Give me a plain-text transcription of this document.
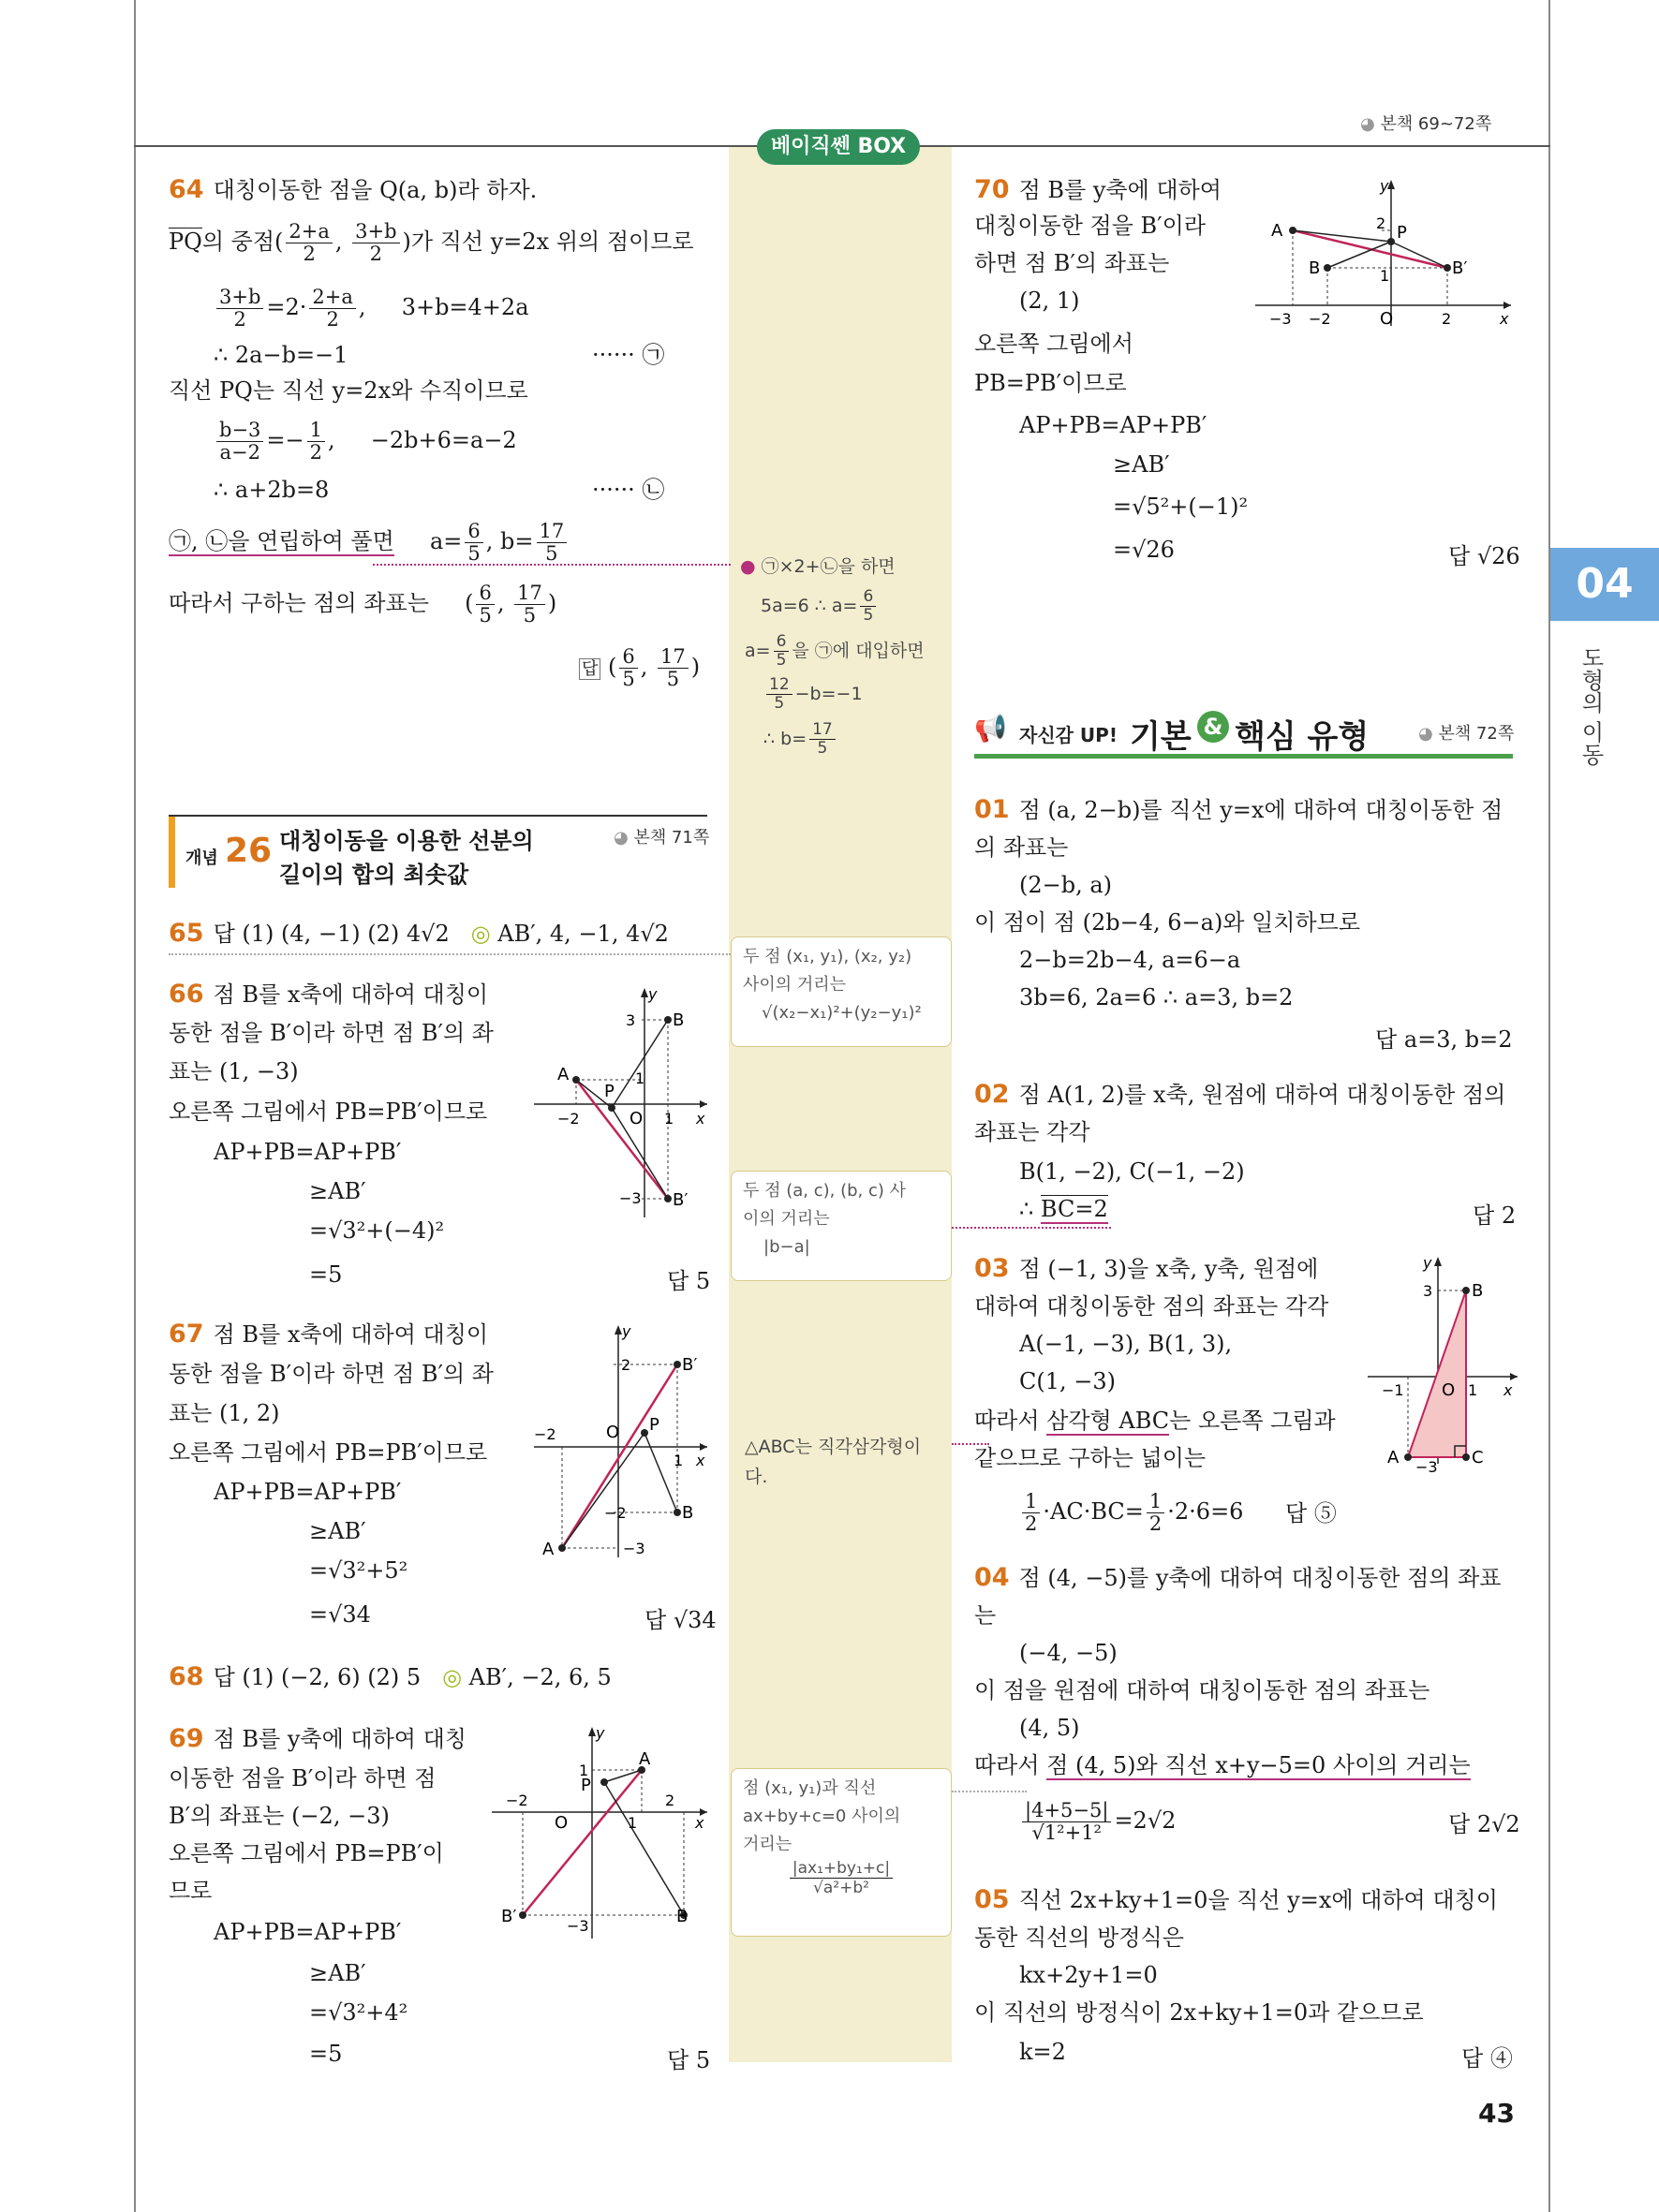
◕ 본책 69~72쪽
베이직쎈 BOX
04
도형의 이동
43
64 대칭이동한 점을 Q(a, b)라 하자.
PQ의 중점( $\frac{2+a}{2}$ , $\frac{3+b}{2}$ )가 직선 y=2x 위의 점이므로
$\frac{3+b}{2} =2\cdot \frac{2+a}{2}$ ,     3+b=4+2a
∴ 2a−b=−1	······ ㉠
직선 PQ는 직선 y=2x와 수직이므로
$\frac{b-3}{a-2} =- \frac{1}{2}$ ,     −2b+6=a−2
∴ a+2b=8	······ ㉡
㉠, ㉡을 연립하여 풀면 $a= \frac{6}{5}$ , $b= \frac{17}{5}$
따라서 구하는 점의 좌표는     ( $\frac{6}{5}$ , $\frac{17}{5}$ )
답 ( $\frac{6}{5}$ , $\frac{17}{5}$ )
● ㉠×2+㉡을 하면
5a=6 ∴ $a= \frac{6}{5}$
$a= \frac{6}{5}$ 을 ㉠에 대입하면
$\frac{12}{5} -b=-1$
∴ $b= \frac{17}{5}$
개념 26 대칭이동을 이용한 선분의
길이의 합의 최솟값
◕ 본책 71쪽
65 답 (1) (4, −1) (2) 4√2 ◎ AB′, 4, −1, 4√2
두 점 (x₁, y₁), (x₂, y₂)
사이의 거리는
√(x₂−x₁)²+(y₂−y₁)²
66 점 B를 x축에 대하여 대칭이
동한 점을 B′이라 하면 점 B′의 좌
표는 (1, −3)
오른쪽 그림에서 PB=PB′이므로
AP+PB=AP+PB′
≥AB′
=√3²+(−4)²
=5	답 5
B
B′
A
P
O
y
x
3
1
−2
−3
1
두 점 (a, c), (b, c) 사
이의 거리는
|b−a|
67 점 B를 x축에 대하여 대칭이
동한 점을 B′이라 하면 점 B′의 좌
표는 (1, 2)
오른쪽 그림에서 PB=PB′이므로
AP+PB=AP+PB′
≥AB′
=√3²+5²
=√34	답 √34
B′
B
A
P
O
y
x
2
−2
−3
−2
1
△ABC는 직각삼각형이
다.
68 답 (1) (−2, 6) (2) 5 ◎ AB′, −2, 6, 5
69 점 B를 y축에 대하여 대칭
이동한 점을 B′이라 하면 점
B′의 좌표는 (−2, −3)
오른쪽 그림에서 PB=PB′이
므로
AP+PB=AP+PB′
≥AB′
=√3²+4²
=5	답 5
A
B
B′
P
O
y
x
1
−3
−2
1
2
점 (x₁, y₁)과 직선
ax+by+c=0 사이의
거리는
$\frac{\text{|ax₁+by₁+c|}}{\text{√a²+b²}}$
70 점 B를 y축에 대하여
대칭이동한 점을 B′이라
하면 점 B′의 좌표는
(2, 1)
오른쪽 그림에서
PB=PB′이므로
AP+PB=AP+PB′
≥AB′
=√5²+(−1)²
=√26	답 √26
A
B	B′
P
O
y
x
2
1
−3 −2	2
📢 자신감 UP! 기본 & 핵심 유형	◕ 본책 72쪽
01 점 (a, 2−b)를 직선 y=x에 대하여 대칭이동한 점
의 좌표는
(2−b, a)
이 점이 점 (2b−4, 6−a)와 일치하므로
2−b=2b−4, a=6−a
3b=6, 2a=6 ∴ a=3, b=2
답 a=3, b=2
02 점 A(1, 2)를 x축, 원점에 대하여 대칭이동한 점의
좌표는 각각
B(1, −2), C(−1, −2)
∴ BC=2	답 2
03 점 (−1, 3)을 x축, y축, 원점에
대하여 대칭이동한 점의 좌표는 각각
A(−1, −3), B(1, 3),
C(1, −3)
따라서 삼각형 ABC는 오른쪽 그림과
같으므로 구하는 넓이는
$\frac{1}{2} \cdot AC\cdot BC= \frac{1}{2} \cdot 2\cdot 6=6$ 답 ⑤
B
A	C
O
y
x
3
−3
−1	1
04 점 (4, −5)를 y축에 대하여 대칭이동한 점의 좌표
는
(−4, −5)
이 점을 원점에 대하여 대칭이동한 점의 좌표는
(4, 5)
따라서 점 (4, 5)와 직선 x+y−5=0 사이의 거리는
$\frac{|4+5-5|}{\text{√1²+1²}} =2√2$	답 2√2
05 직선 2x+ky+1=0을 직선 y=x에 대하여 대칭이
동한 직선의 방정식은
kx+2y+1=0
이 직선의 방정식이 2x+ky+1=0과 같으므로
k=2	답 ④
